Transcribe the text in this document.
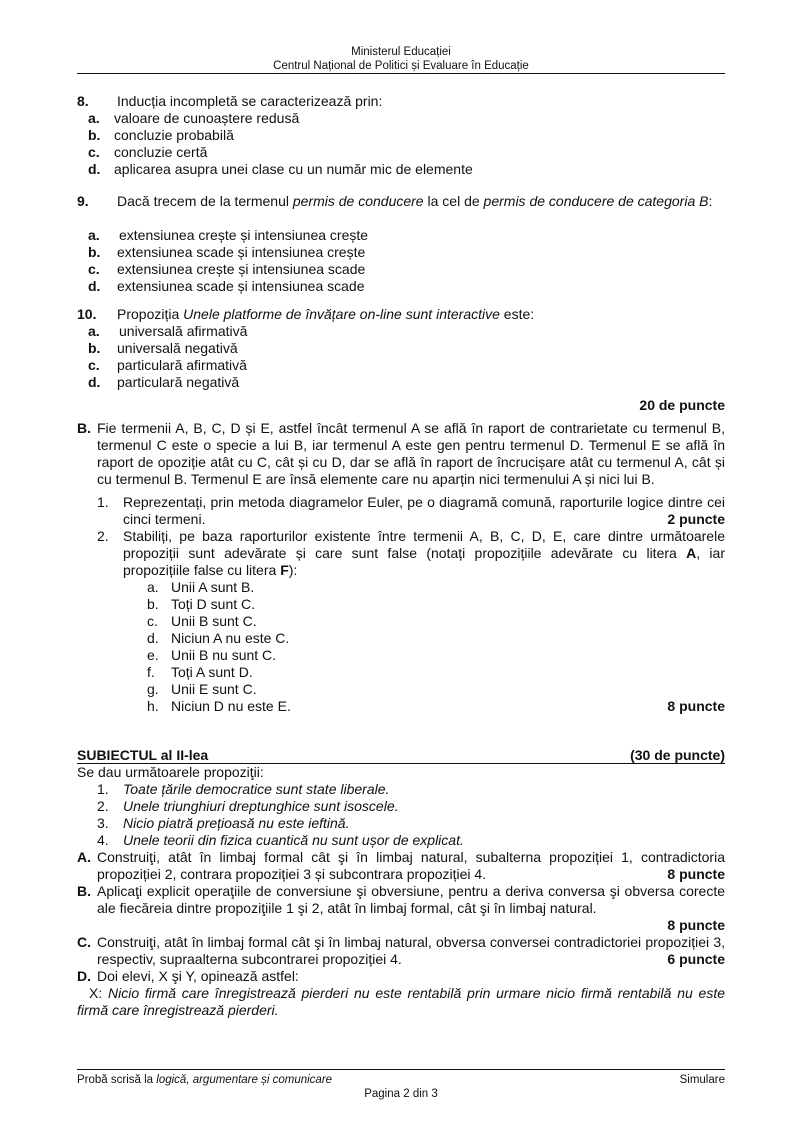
Ministerul Educației
Centrul Național de Politici și Evaluare în Educație
8. Inducția incompletă se caracterizează prin:
a. valoare de cunoaștere redusă
b. concluzie probabilă
c. concluzie certă
d. aplicarea asupra unei clase cu un număr mic de elemente
9. Dacă trecem de la termenul permis de conducere la cel de permis de conducere de categoria B:
a. extensiunea crește și intensiunea crește
b. extensiunea scade și intensiunea crește
c. extensiunea crește și intensiunea scade
d. extensiunea scade și intensiunea scade
10. Propoziția Unele platforme de învățare on-line sunt interactive este:
a. universală afirmativă
b. universală negativă
c. particulară afirmativă
d. particulară negativă
20 de puncte
B. Fie termenii A, B, C, D și E, astfel încât termenul A se află în raport de contrarietate cu termenul B, termenul C este o specie a lui B, iar termenul A este gen pentru termenul D. Termenul E se află în raport de opoziție atât cu C, cât și cu D, dar se află în raport de încrucișare atât cu termenul A, cât și cu termenul B. Termenul E are însă elemente care nu aparțin nici termenului A și nici lui B.
1. Reprezentați, prin metoda diagramelor Euler, pe o diagramă comună, raporturile logice dintre cei cinci termeni.	2 puncte
2. Stabiliți, pe baza raporturilor existente între termenii A, B, C, D, E, care dintre următoarele propoziții sunt adevărate și care sunt false (notați propozițiile adevărate cu litera A, iar propozițiile false cu litera F):
a. Unii A sunt B.
b. Toți D sunt C.
c. Unii B sunt C.
d. Niciun A nu este C.
e. Unii B nu sunt C.
f. Toți A sunt D.
g. Unii E sunt C.
h. Niciun D nu este E.	8 puncte
SUBIECTUL al II-lea	(30 de puncte)
Se dau următoarele propoziţii:
1. Toate țările democratice sunt state liberale.
2. Unele triunghiuri dreptunghice sunt isoscele.
3. Nicio piatră prețioasă nu este ieftină.
4. Unele teorii din fizica cuantică nu sunt ușor de explicat.
A. Construiţi, atât în limbaj formal cât şi în limbaj natural, subalterna propoziției 1, contradictoria propoziției 2, contrara propoziției 3 și subcontrara propoziției 4.	8 puncte
B. Aplicaţi explicit operaţiile de conversiune şi obversiune, pentru a deriva conversa şi obversa corecte ale fiecăreia dintre propoziţiile 1 şi 2, atât în limbaj formal, cât şi în limbaj natural.
8 puncte
C. Construiţi, atât în limbaj formal cât şi în limbaj natural, obversa conversei contradictoriei propoziției 3, respectiv, supraalterna subcontrarei propoziției 4.	6 puncte
D. Doi elevi, X şi Y, opinează astfel:
X: Nicio firmă care înregistrează pierderi nu este rentabilă prin urmare nicio firmă rentabilă nu este firmă care înregistrează pierderi.
Probă scrisă la logică, argumentare și comunicare	Simulare
Pagina 2 din 3
